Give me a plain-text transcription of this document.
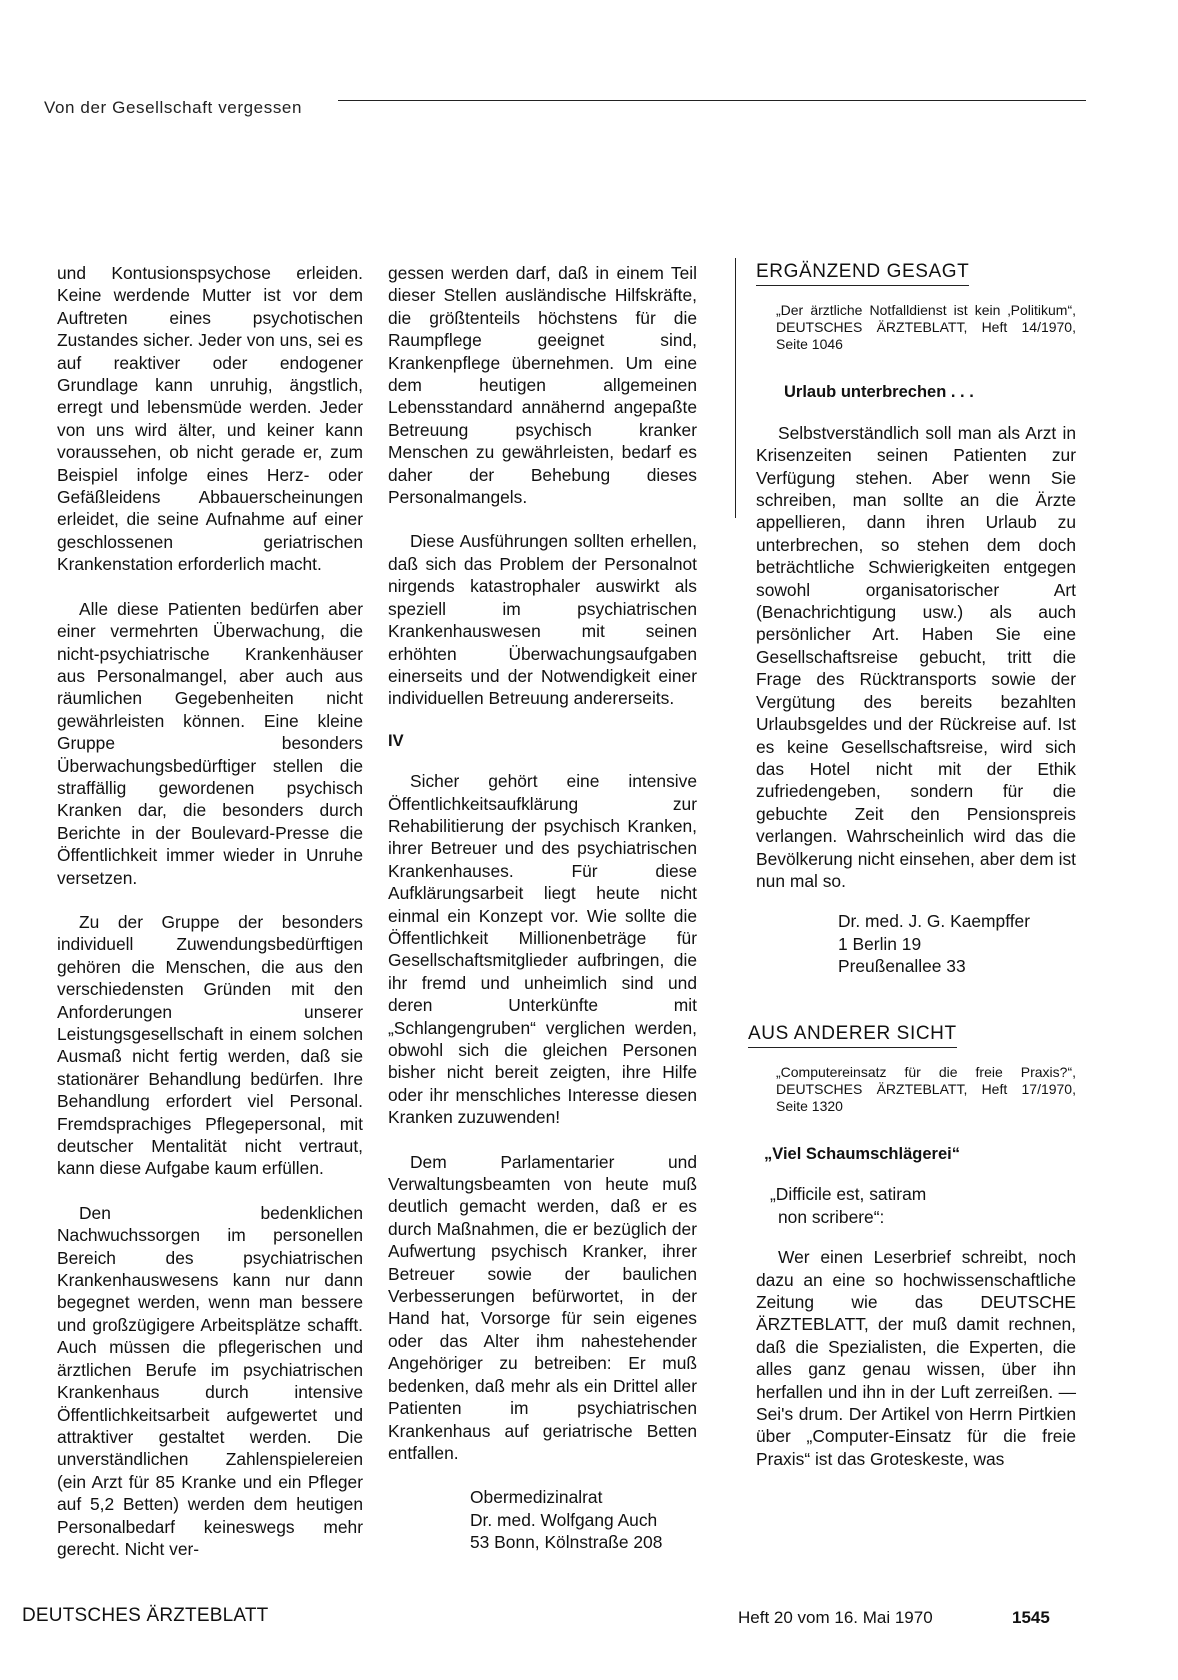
Von der Gesellschaft vergessen

und Kontusionspsychose erleiden. Keine werdende Mutter ist vor dem Auftreten eines psychotischen Zustandes sicher. Jeder von uns, sei es auf reaktiver oder endogener Grundlage kann unruhig, ängstlich, erregt und lebensmüde werden. Jeder von uns wird älter, und keiner kann voraussehen, ob nicht gerade er, zum Beispiel infolge eines Herz- oder Gefäßleidens Abbauerscheinungen erleidet, die seine Aufnahme auf einer geschlossenen geriatrischen Krankenstation erforderlich macht.

Alle diese Patienten bedürfen aber einer vermehrten Überwachung, die nicht-psychiatrische Krankenhäuser aus Personalmangel, aber auch aus räumlichen Gegebenheiten nicht gewährleisten können. Eine kleine Gruppe besonders Überwachungsbedürftiger stellen die straffällig gewordenen psychisch Kranken dar, die besonders durch Berichte in der Boulevard-Presse die Öffentlichkeit immer wieder in Unruhe versetzen.

Zu der Gruppe der besonders individuell Zuwendungsbedürftigen gehören die Menschen, die aus den verschiedensten Gründen mit den Anforderungen unserer Leistungsgesellschaft in einem solchen Ausmaß nicht fertig werden, daß sie stationärer Behandlung bedürfen. Ihre Behandlung erfordert viel Personal. Fremdsprachiges Pflegepersonal, mit deutscher Mentalität nicht vertraut, kann diese Aufgabe kaum erfüllen.

Den bedenklichen Nachwuchssorgen im personellen Bereich des psychiatrischen Krankenhauswesens kann nur dann begegnet werden, wenn man bessere und großzügigere Arbeitsplätze schafft. Auch müssen die pflegerischen und ärztlichen Berufe im psychiatrischen Krankenhaus durch intensive Öffentlichkeitsarbeit aufgewertet und attraktiver gestaltet werden. Die unverständlichen Zahlenspielereien (ein Arzt für 85 Kranke und ein Pfleger auf 5,2 Betten) werden dem heutigen Personalbedarf keineswegs mehr gerecht. Nicht ver-

gessen werden darf, daß in einem Teil dieser Stellen ausländische Hilfskräfte, die größtenteils höchstens für die Raumpflege geeignet sind, Krankenpflege übernehmen. Um eine dem heutigen allgemeinen Lebensstandard annähernd angepaßte Betreuung psychisch kranker Menschen zu gewährleisten, bedarf es daher der Behebung dieses Personalmangels.

Diese Ausführungen sollten erhellen, daß sich das Problem der Personalnot nirgends katastrophaler auswirkt als speziell im psychiatrischen Krankenhauswesen mit seinen erhöhten Überwachungsaufgaben einerseits und der Notwendigkeit einer individuellen Betreuung andererseits.

IV

Sicher gehört eine intensive Öffentlichkeitsaufklärung zur Rehabilitierung der psychisch Kranken, ihrer Betreuer und des psychiatrischen Krankenhauses. Für diese Aufklärungsarbeit liegt heute nicht einmal ein Konzept vor. Wie sollte die Öffentlichkeit Millionenbeträge für Gesellschaftsmitglieder aufbringen, die ihr fremd und unheimlich sind und deren Unterkünfte mit „Schlangengruben“ verglichen werden, obwohl sich die gleichen Personen bisher nicht bereit zeigten, ihre Hilfe oder ihr menschliches Interesse diesen Kranken zuzuwenden!

Dem Parlamentarier und Verwaltungsbeamten von heute muß deutlich gemacht werden, daß er es durch Maßnahmen, die er bezüglich der Aufwertung psychisch Kranker, ihrer Betreuer sowie der baulichen Verbesserungen befürwortet, in der Hand hat, Vorsorge für sein eigenes oder das Alter ihm nahestehender Angehöriger zu betreiben: Er muß bedenken, daß mehr als ein Drittel aller Patienten im psychiatrischen Krankenhaus auf geriatrische Betten entfallen.

Obermedizinalrat
Dr. med. Wolfgang Auch
53 Bonn, Kölnstraße 208
ERGÄNZEND GESAGT
„Der ärztliche Notfalldienst ist kein ‚Politikum“, DEUTSCHES ÄRZTEBLATT, Heft 14/1970, Seite 1046
Urlaub unterbrechen . . .

Selbstverständlich soll man als Arzt in Krisenzeiten seinen Patienten zur Verfügung stehen. Aber wenn Sie schreiben, man sollte an die Ärzte appellieren, dann ihren Urlaub zu unterbrechen, so stehen dem doch beträchtliche Schwierigkeiten entgegen sowohl organisatorischer Art (Benachrichtigung usw.) als auch persönlicher Art. Haben Sie eine Gesellschaftsreise gebucht, tritt die Frage des Rücktransports sowie der Vergütung des bereits bezahlten Urlaubsgeldes und der Rückreise auf. Ist es keine Gesellschaftsreise, wird sich das Hotel nicht mit der Ethik zufriedengeben, sondern für die gebuchte Zeit den Pensionspreis verlangen. Wahrscheinlich wird das die Bevölkerung nicht einsehen, aber dem ist nun mal so.

Dr. med. J. G. Kaempffer
1 Berlin 19
Preußenallee 33
AUS ANDERER SICHT
„Computereinsatz für die freie Praxis?“, DEUTSCHES ÄRZTEBLATT, Heft 17/1970, Seite 1320
„Viel Schaumschlägerei“
„Difficile est, satiram
non scribere“:

Wer einen Leserbrief schreibt, noch dazu an eine so hochwissenschaftliche Zeitung wie das DEUTSCHE ÄRZTEBLATT, der muß damit rechnen, daß die Spezialisten, die Experten, die alles ganz genau wissen, über ihn herfallen und ihn in der Luft zerreißen. — Sei's drum. Der Artikel von Herrn Pirtkien über „Computer-Einsatz für die freie Praxis“ ist das Groteskeste, was

DEUTSCHES ÄRZTEBLATT	Heft 20 vom 16. Mai 1970	1545
